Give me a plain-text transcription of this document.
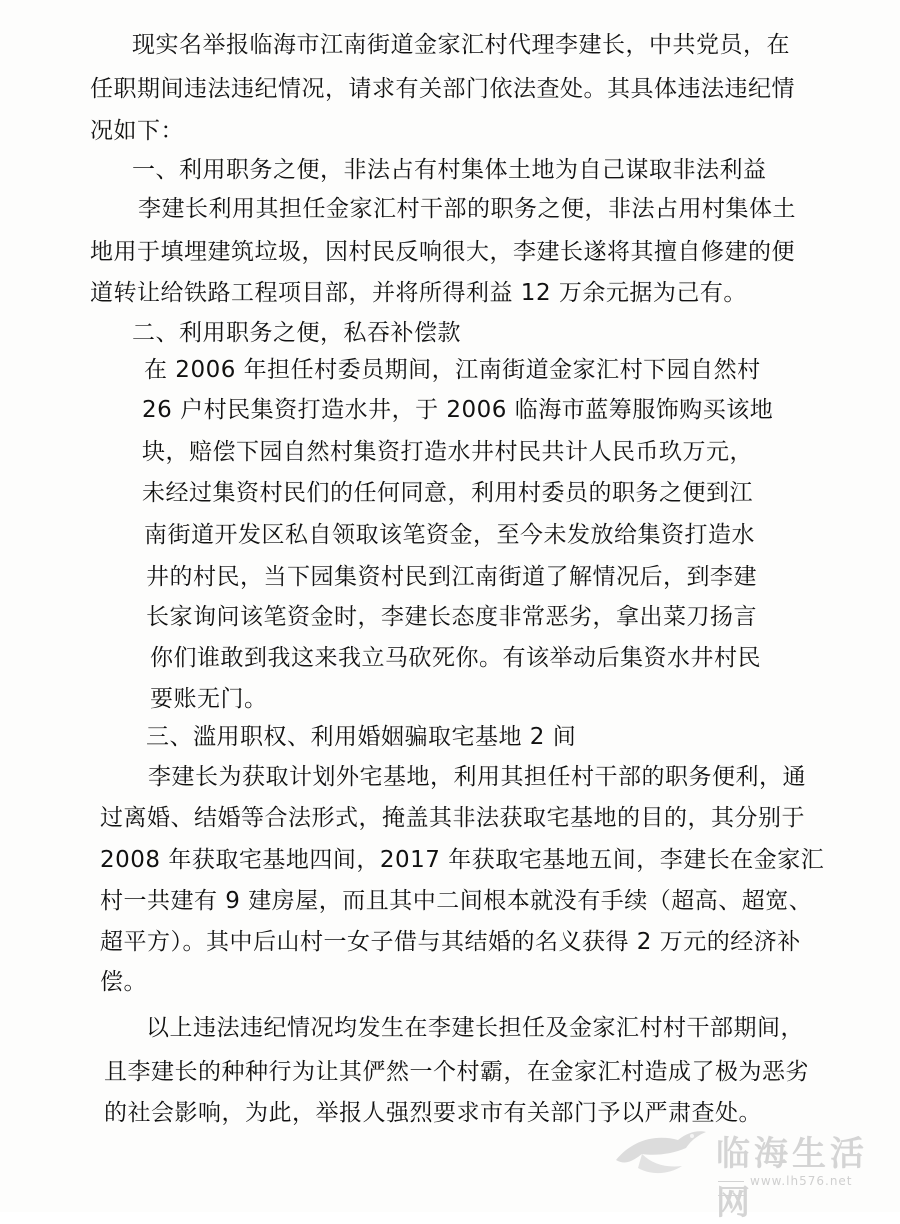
现实名举报临海市江南街道金家汇村代理李建长，中共党员，在
任职期间违法违纪情况，请求有关部门依法查处。其具体违法违纪情
况如下：
一、利用职务之便，非法占有村集体土地为自己谋取非法利益
李建长利用其担任金家汇村干部的职务之便，非法占用村集体土
地用于填埋建筑垃圾，因村民反响很大，李建长遂将其擅自修建的便
道转让给铁路工程项目部，并将所得利益 12 万余元据为己有。
二、利用职务之便，私吞补偿款
在 2006 年担任村委员期间，江南街道金家汇村下园自然村
26 户村民集资打造水井，于 2006 临海市蓝筹服饰购买该地
块，赔偿下园自然村集资打造水井村民共计人民币玖万元，
未经过集资村民们的任何同意，利用村委员的职务之便到江
南街道开发区私自领取该笔资金，至今未发放给集资打造水
井的村民，当下园集资村民到江南街道了解情况后，到李建
长家询问该笔资金时，李建长态度非常恶劣，拿出菜刀扬言
你们谁敢到我这来我立马砍死你。有该举动后集资水井村民
要账无门。
三、滥用职权、利用婚姻骗取宅基地 2 间
李建长为获取计划外宅基地，利用其担任村干部的职务便利，通
过离婚、结婚等合法形式，掩盖其非法获取宅基地的目的，其分别于
2008 年获取宅基地四间，2017 年获取宅基地五间，李建长在金家汇
村一共建有 9 建房屋，而且其中二间根本就没有手续（超高、超宽、
超平方）。其中后山村一女子借与其结婚的名义获得 2 万元的经济补
偿。
以上违法违纪情况均发生在李建长担任及金家汇村村干部期间，
且李建长的种种行为让其俨然一个村霸，在金家汇村造成了极为恶劣
的社会影响，为此，举报人强烈要求市有关部门予以严肃查处。
临海生活网
www.lh576.net
